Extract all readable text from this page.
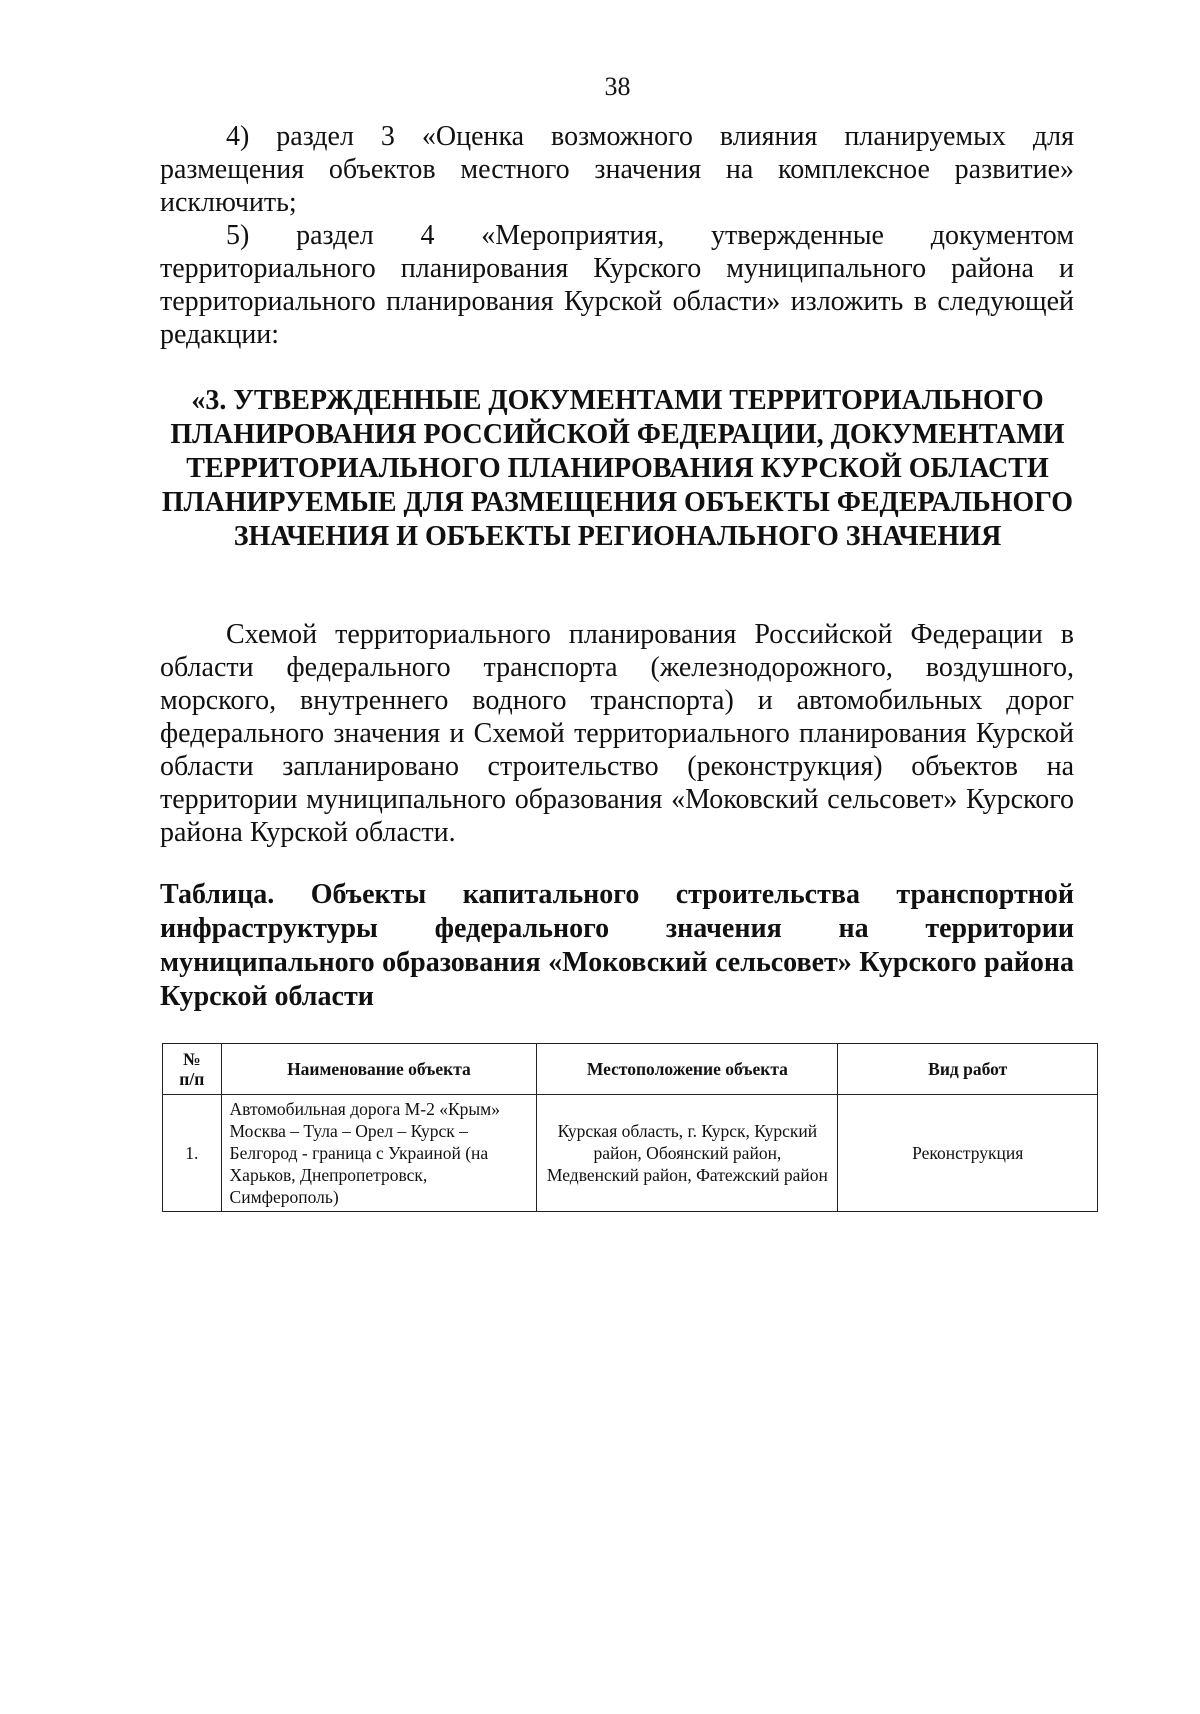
38

4) раздел 3 «Оценка возможного влияния планируемых для размещения объектов местного значения на комплексное развитие» исключить;

5) раздел 4 «Мероприятия, утвержденные документом территориального планирования Курского муниципального района и территориального планирования Курской области» изложить в следующей редакции:

«3. УТВЕРЖДЕННЫЕ ДОКУМЕНТАМИ ТЕРРИТОРИАЛЬНОГО ПЛАНИРОВАНИЯ РОССИЙСКОЙ ФЕДЕРАЦИИ, ДОКУМЕНТАМИ ТЕРРИТОРИАЛЬНОГО ПЛАНИРОВАНИЯ КУРСКОЙ ОБЛАСТИ ПЛАНИРУЕМЫЕ ДЛЯ РАЗМЕЩЕНИЯ ОБЪЕКТЫ ФЕДЕРАЛЬНОГО ЗНАЧЕНИЯ И ОБЪЕКТЫ РЕГИОНАЛЬНОГО ЗНАЧЕНИЯ

Схемой территориального планирования Российской Федерации в области федерального транспорта (железнодорожного, воздушного, морского, внутреннего водного транспорта) и автомобильных дорог федерального значения и Схемой территориального планирования Курской области запланировано строительство (реконструкция) объектов на территории муниципального образования «Моковский сельсовет» Курского района Курской области.

Таблица. Объекты капитального строительства транспортной инфраструктуры федерального значения на территории муниципального образования «Моковский сельсовет» Курского района Курской области
№
п/п	Наименование объекта	Местоположение объекта	Вид работ
1.	Автомобильная дорога М-2 «Крым» Москва – Тула – Орел – Курск – Белгород - граница с Украиной (на Харьков, Днепропетровск, Симферополь)	Курская область, г. Курск, Курский район, Обоянский район, Медвенский район, Фатежский район	Реконструкция
